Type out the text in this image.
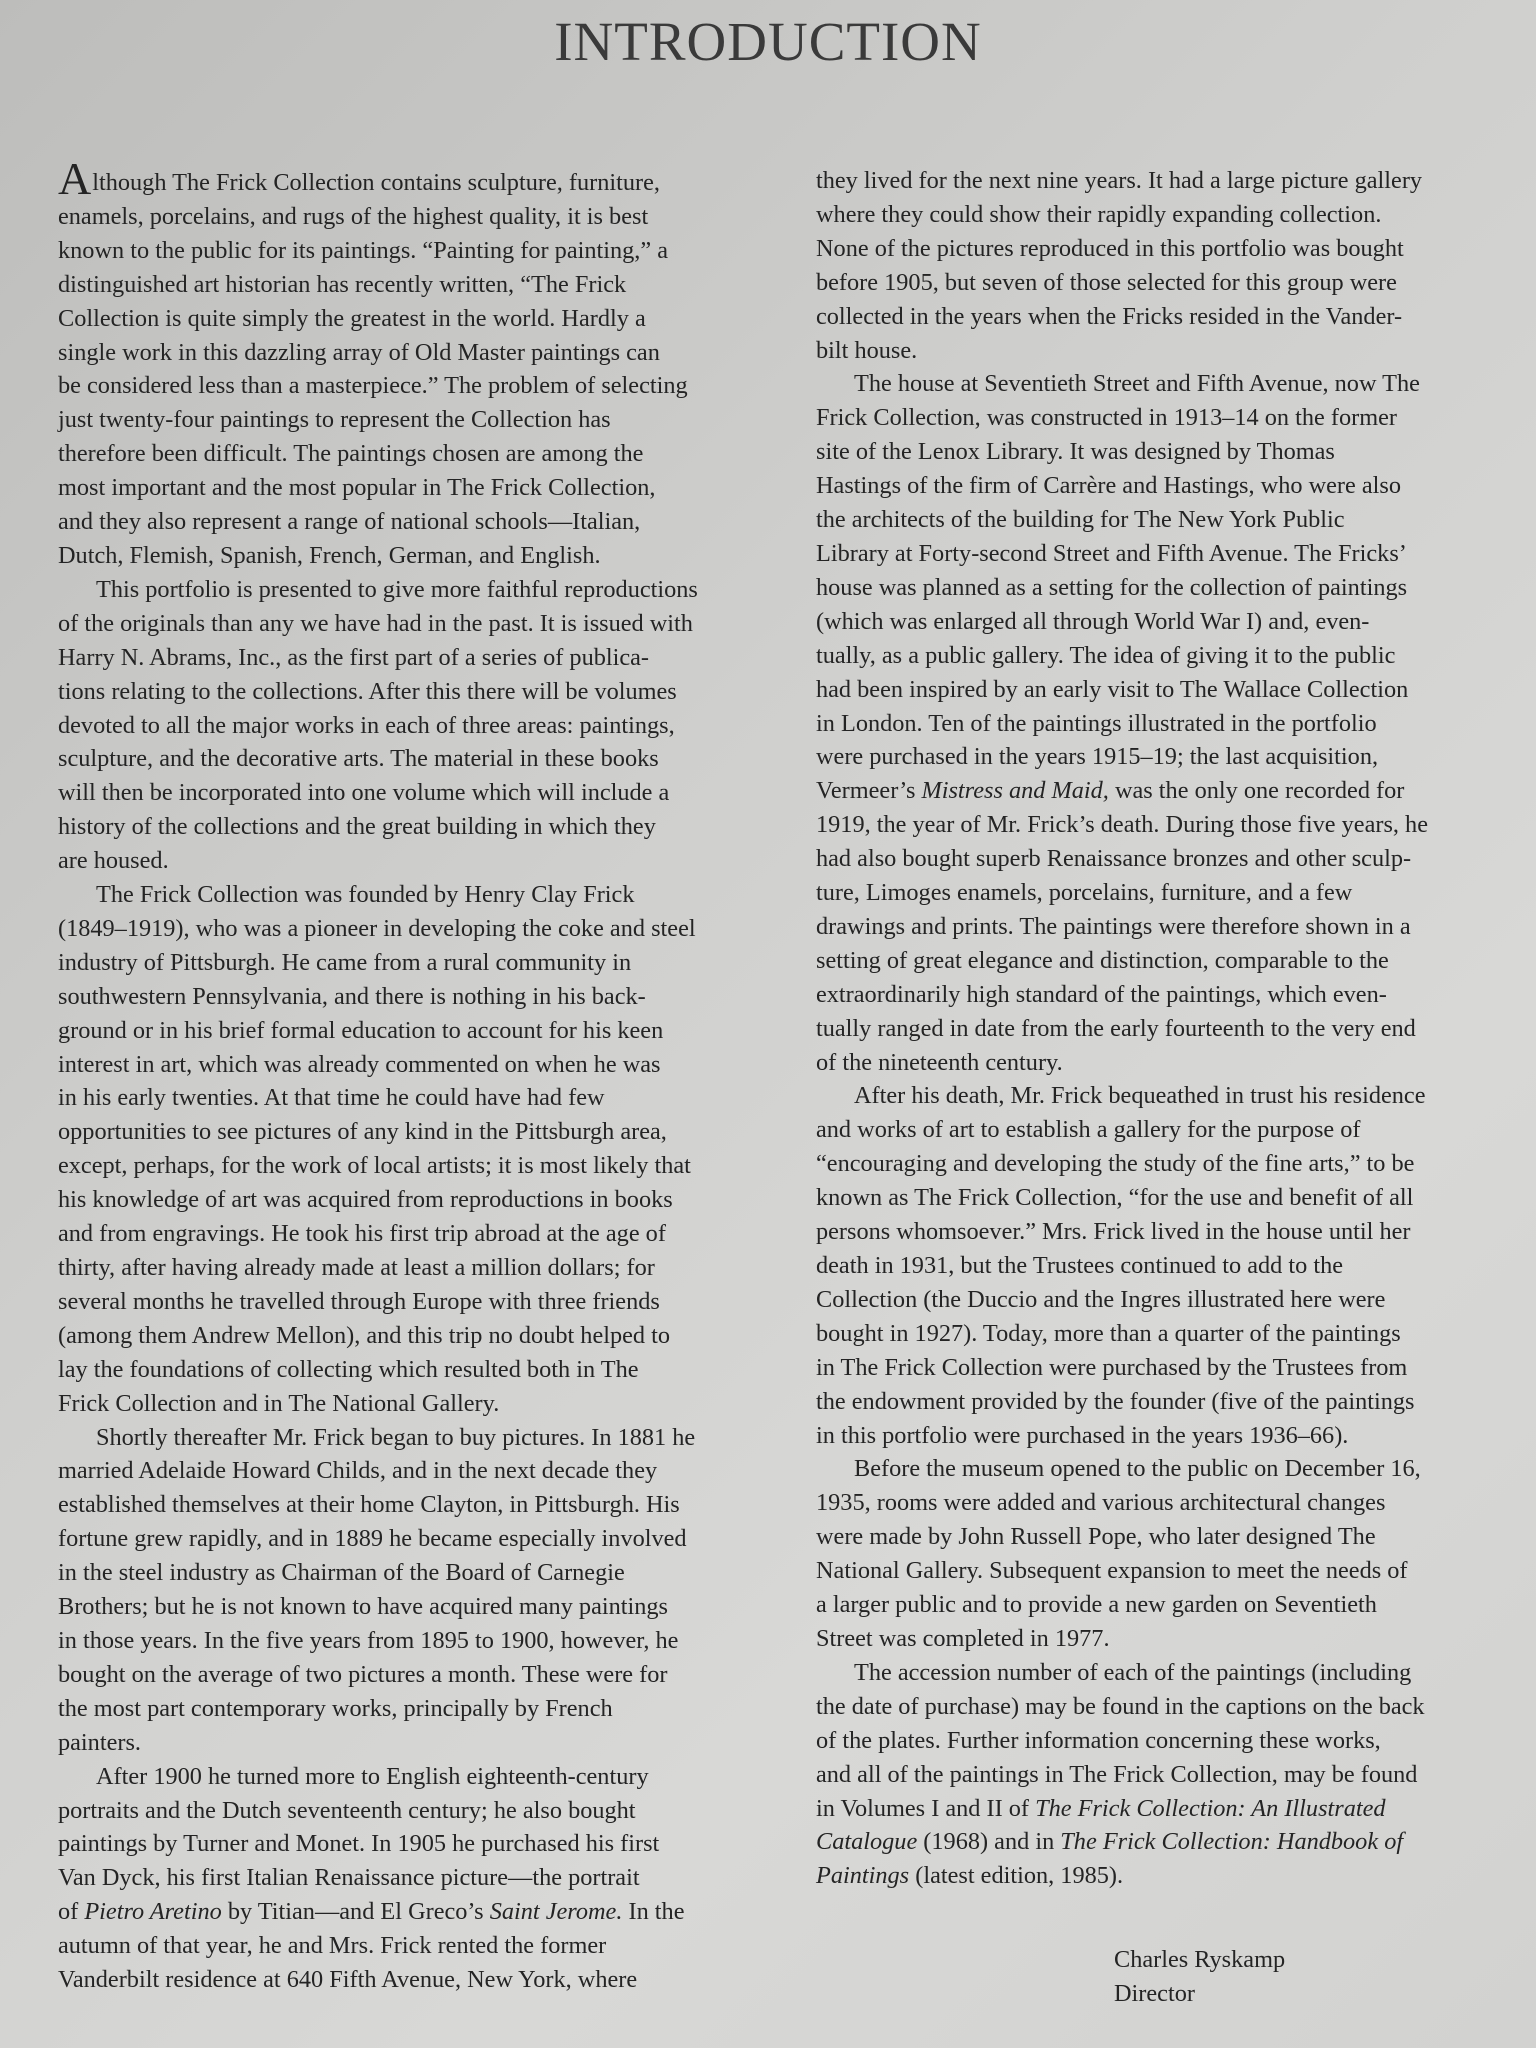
INTRODUCTION

Although The Frick Collection contains sculpture, furniture,
enamels, porcelains, and rugs of the highest quality, it is best
known to the public for its paintings. “Painting for painting,” a
distinguished art historian has recently written, “The Frick
Collection is quite simply the greatest in the world. Hardly a
single work in this dazzling array of Old Master paintings can
be considered less than a masterpiece.” The problem of selecting
just twenty-four paintings to represent the Collection has
therefore been difficult. The paintings chosen are among the
most important and the most popular in The Frick Collection,
and they also represent a range of national schools—Italian,
Dutch, Flemish, Spanish, French, German, and English.

This portfolio is presented to give more faithful reproductions
of the originals than any we have had in the past. It is issued with
Harry N. Abrams, Inc., as the first part of a series of publica-
tions relating to the collections. After this there will be volumes
devoted to all the major works in each of three areas: paintings,
sculpture, and the decorative arts. The material in these books
will then be incorporated into one volume which will include a
history of the collections and the great building in which they
are housed.

The Frick Collection was founded by Henry Clay Frick
(1849–1919), who was a pioneer in developing the coke and steel
industry of Pittsburgh. He came from a rural community in
southwestern Pennsylvania, and there is nothing in his back-
ground or in his brief formal education to account for his keen
interest in art, which was already commented on when he was
in his early twenties. At that time he could have had few
opportunities to see pictures of any kind in the Pittsburgh area,
except, perhaps, for the work of local artists; it is most likely that
his knowledge of art was acquired from reproductions in books
and from engravings. He took his first trip abroad at the age of
thirty, after having already made at least a million dollars; for
several months he travelled through Europe with three friends
(among them Andrew Mellon), and this trip no doubt helped to
lay the foundations of collecting which resulted both in The
Frick Collection and in The National Gallery.

Shortly thereafter Mr. Frick began to buy pictures. In 1881 he
married Adelaide Howard Childs, and in the next decade they
established themselves at their home Clayton, in Pittsburgh. His
fortune grew rapidly, and in 1889 he became especially involved
in the steel industry as Chairman of the Board of Carnegie
Brothers; but he is not known to have acquired many paintings
in those years. In the five years from 1895 to 1900, however, he
bought on the average of two pictures a month. These were for
the most part contemporary works, principally by French
painters.

After 1900 he turned more to English eighteenth-century
portraits and the Dutch seventeenth century; he also bought
paintings by Turner and Monet. In 1905 he purchased his first
Van Dyck, his first Italian Renaissance picture—the portrait
of Pietro Aretino by Titian—and El Greco’s Saint Jerome. In the
autumn of that year, he and Mrs. Frick rented the former
Vanderbilt residence at 640 Fifth Avenue, New York, where

they lived for the next nine years. It had a large picture gallery
where they could show their rapidly expanding collection.
None of the pictures reproduced in this portfolio was bought
before 1905, but seven of those selected for this group were
collected in the years when the Fricks resided in the Vander-
bilt house.

The house at Seventieth Street and Fifth Avenue, now The
Frick Collection, was constructed in 1913–14 on the former
site of the Lenox Library. It was designed by Thomas
Hastings of the firm of Carrère and Hastings, who were also
the architects of the building for The New York Public
Library at Forty-second Street and Fifth Avenue. The Fricks’
house was planned as a setting for the collection of paintings
(which was enlarged all through World War I) and, even-
tually, as a public gallery. The idea of giving it to the public
had been inspired by an early visit to The Wallace Collection
in London. Ten of the paintings illustrated in the portfolio
were purchased in the years 1915–19; the last acquisition,
Vermeer’s Mistress and Maid, was the only one recorded for
1919, the year of Mr. Frick’s death. During those five years, he
had also bought superb Renaissance bronzes and other sculp-
ture, Limoges enamels, porcelains, furniture, and a few
drawings and prints. The paintings were therefore shown in a
setting of great elegance and distinction, comparable to the
extraordinarily high standard of the paintings, which even-
tually ranged in date from the early fourteenth to the very end
of the nineteenth century.

After his death, Mr. Frick bequeathed in trust his residence
and works of art to establish a gallery for the purpose of
“encouraging and developing the study of the fine arts,” to be
known as The Frick Collection, “for the use and benefit of all
persons whomsoever.” Mrs. Frick lived in the house until her
death in 1931, but the Trustees continued to add to the
Collection (the Duccio and the Ingres illustrated here were
bought in 1927). Today, more than a quarter of the paintings
in The Frick Collection were purchased by the Trustees from
the endowment provided by the founder (five of the paintings
in this portfolio were purchased in the years 1936–66).

Before the museum opened to the public on December 16,
1935, rooms were added and various architectural changes
were made by John Russell Pope, who later designed The
National Gallery. Subsequent expansion to meet the needs of
a larger public and to provide a new garden on Seventieth
Street was completed in 1977.

The accession number of each of the paintings (including
the date of purchase) may be found in the captions on the back
of the plates. Further information concerning these works,
and all of the paintings in The Frick Collection, may be found
in Volumes I and II of The Frick Collection: An Illustrated
Catalogue (1968) and in The Frick Collection: Handbook of
Paintings (latest edition, 1985).

Charles Ryskamp
Director
